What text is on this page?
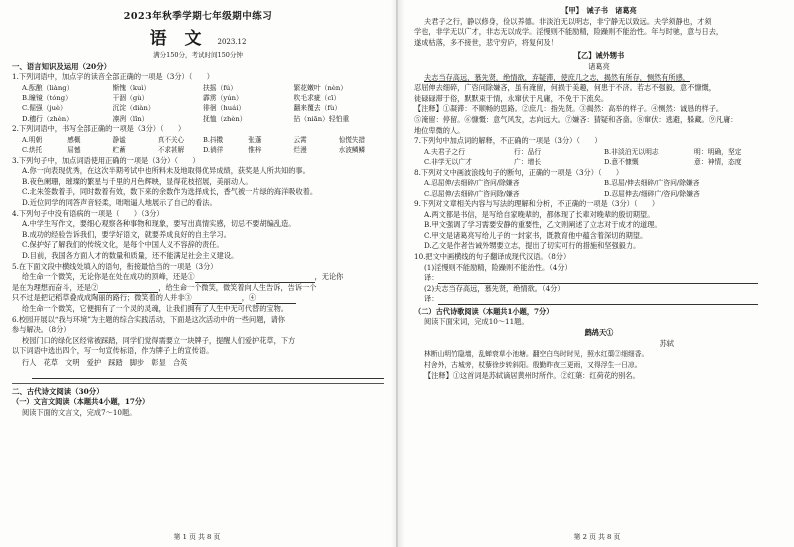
2023年秋季学期七年级期中练习
语 文 2023.12
满分150分，考试时间150分钟
一、语言知识及运用（20分）
1.下列词语中，加点字的读音全部正确的一项是（3分）（　　）
A.酝酿（liàng）	惭愧（kuì）	扶摇（fú）	繁花嫩叶（nèn）
B.瞳镜（tóng）	干涸（gù）	霹雳（yún）	吹毛求疵（cī）
C.倔强（juè）	沉淀（diàn）	徘徊（huái）	翻来覆去（fù）
D.穗行（zhèn）	凛冽（lǐn）	抚恤（zhèn）	拈（niān）轻怕重
2.下列词语中，书写全部正确的一项是（3分）（　　）
A.明朝	感概	静谧	真不关心	B.抖擞	张蓬	云霄	惊慌失措
C.烘托	屈憾	贮蓄	不求甚解	D.徜徉	惟梓	烂漫	水波鳞鳞
3.下列句子中，加点词语使用正确的一项是（3分）（　　）
A.你一向表现优秀，在这次半期考试中也所料未及地取得优异成绩，获奖是人所共知的事。
B.夜色阑珊，璀璨的繁星与千里的月色辉映，显得花枝招展，美丽动人。
C.北朱签数着手，同时数着有效，数下来的余数作为选择成长，香气被一片绿的海洋吸收着。
D.近位同学的同答声音轻柔，咄咄逼人地展示了自己的看法。
4.下列句子中没有语病的一项是（　　）（3分）
A.中学生写作文，要细心观察各种事物和现象，要写出真情实感，切忌不要胡编乱造。
B.成功的经验告诉我们，要学好语文，就要养成良好的自主学习。
C.保护好了解我们的传统文化，是每个中国人义不容辞的责任。
D.目前，我国各方面人才的数量和质量，还不能满足社会主义建设。
5.在下面文段中横线处填入的语句，衔接最恰当的一项是（3分）
给生命一个微笑，无论你是在处在成功的顶峰，还是①	，无论你
是在为理想而奋斗，还是②	，给生命一个微笑，微笑着向人生告诉，告诉一个
只不过是把记稻草叠成成陶丽的路行；微笑着的人并非③	，④
给生命一个微笑，它便拥有了一个灵的灵魂，让我们拥有了人生中无可代替的宝物。
6.校园开展以“我与环境”为主题的综合实践活动，下面是这次活动中的一些问题，请你
参与解决。（8分）
校园门口的绿化区经常被踩踏，同学们觉得需要立一块牌子，提醒人们爱护花草，下方
以下词语中选出四个，写一句宣传标语，作为牌子上的宣传语。
行人　花草　文明　爱护　踩踏　脚步　彰显　合英
二、古代诗文阅读（30分）
（一）文言文阅读（本题共4小题，17分）
阅读下面的文言文，完成7～10题。
第 1 页 共 8 页
【甲】　诫子书　诸葛亮
夫君子之行，静以修身，俭以养德。非淡泊无以明志，非宁静无以致远。夫学须静也，才须
学也，非学无以广才，非志无以成学。淫慢则不能励精，险躁则不能治性。年与时驰，意与日去，
遂成枯落，多不接世，悲守穷庐，将复何及！
【乙】诫外甥书
诸葛亮
夫志当存高远，慕先贤，绝情欲，弃疑滞，使庶几之志，揭然有所存，恻然有所感，
忍屈伸去细碎，广咨问除嫌吝，虽有淹留，何损于美趣，何患于不济。若志不强毅，意不慷慨，
徒碌碌滞于俗，默默束于情，永窜伏于凡庸，不免于下流矣。
【注释】①凝滞：不顺畅的思路。②庶几：指先贤。③揭然：高举的样子。④恻然：诚恳的样子。
⑤淹留：停留。⑥慷慨：意气风发，志向远大。⑦嫌吝：猜疑和吝啬。⑧窜伏：逃避，躲藏。⑨凡庸：
地位卑微的人。
7.下列句中加点词的解释，不正确的一项是（3分）（　　）
A.夫君子之行	行：品行	B.非淡泊无以明志	明：明确，坚定
C.非学无以广才	广：增长	D.意不慷慨	意：神情，态度
8.下列对文中画波浪线句子的断句，正确的一项是（3分）（　　）
A.忍屈伸/去细碎/广咨问/除嫌吝	B.忍屈/伸去细碎/广咨问/除嫌吝
C.忍屈伸/去细碎/广咨问除/嫌吝	D.忍屈伸去/细碎广/咨问/除嫌吝
9.下列对文章相关内容与写法的理解和分析，不正确的一项是（3分）（　　）
A.两文都是书信，是写给自家晚辈的，都体现了长辈对晚辈的殷切期望。
B.甲文强调了学习需要安静的重要性，乙文则阐述了立志对于成才的道理。
C.甲文是诸葛亮写给儿子的一封家书，既教育他中蕴含着深切的期望。
D.乙文是作者告诫外甥要立志，提出了切实可行的措施和坚强毅力。
10.把文中画横线的句子翻译成现代汉语。（8分）
(1)淫慢则不能励精，险躁则不能治性。（4分）
译：
(2)夫志当存高远，慕先贤，绝情欲。（4分）
译：
（二）古代诗歌阅读（本题共1小题，7分）
阅读下面宋词，完成10～11题。
鹧鸪天①
苏轼
林断山明竹隐墙，乱蝉衰草小池塘。翻空白鸟时时见，照水红蕖②细细香。
村舍外，古城旁，杖藜徐步转斜阳。殷勤昨夜三更雨，又得浮生一日凉。
【注释】①这首词是苏轼谪居黄州时所作。②红蕖：红荷花的别名。
第 2 页 共 8 页
